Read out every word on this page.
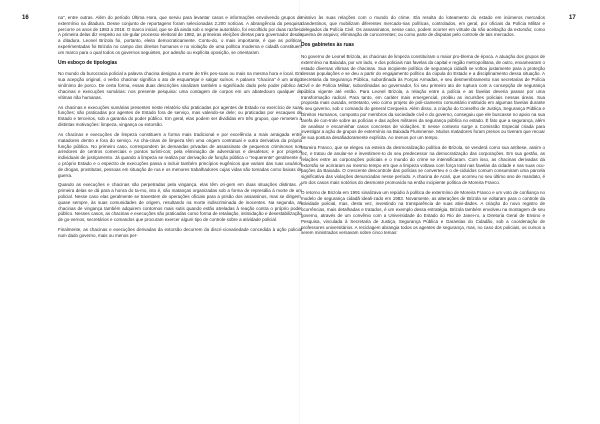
16	17

na", entre outras. Além do período Última Hora, que serviu para levantar casos e informações envolvendo grupos de extermínio na ditadura. Desse conjunto de reportagens foram selecionadas 2.200 notícias. A abrangência da pesquisa percorre os anos de 1983 a 2018. O marco inicial, que se dá ainda sob o regime autoritário, foi escolhido por duas razões. A primeira delas diz respeito ao sin-gular processo eleitoral de 1982, as primeiras eleições diretas para governador desde a ditadura. Leonel Brizola foi, portanto, eleito democraticamente. Contu-do, o mais importante, é que as políticas experimentadas foi Brizola no campo dos direitos humanos e no violação de uma política moderna e cidadã constituem um marco para o qual todos os governos seguintes, por adesão ou explícita oposição, se orientaram.

Um esboço de tipologias

No mundo da burocracia policial a palavra chacina designa a morte de três pes-soas ou mais na mesma hora e local. Em sua acepção original, o verbo chacinar significa o ato de esquartejar e salgar suínos. A palavra "chacina" é um antigo sinônimo de porco. De certa forma, essas duas descrições sinalizam também o significado dado pelo poder público às chacinas e execuções sumárias: nos presente pesquisa: uma contagem de corpos em um abatedouro qualquer de vítimas não humanas.

As chacinas e execuções sumárias presentes neste relatório são praticadas por agentes de Estado no exercício de suas funções; são praticadas por agentes de Estado fora de serviço, mas valendo-se dele; ou praticadas por escaques de Estado e terceiros, sob a garantia do poder público. Em geral, elas podem ser divididas em três grupos, que remetem a distintas motivações: limpeza, vingança ou extorsão.

As chacinas e execuções de limpeza constituem a forma mais tradicional e por excelência a mais arraigada entre matadores dentro e fora do serviço. As cha-cinas de limpeza têm uma origem contratual e outra derivativa da própria função pública. No primeiro caso, correspondem às demandas privadas de assassinato de pequenos criminosos nos arredores de centros comerciais e pontos turísti-cos; pela eliminação de adversários e desafetos; e por projetos individuais de justiçamento. Já quando a limpeza se realiza por derivação de função pública o "requerente" geralmente é o próprio Estado e o espectro de execuções passa a incluir também princípios eugênicos que variam das ruas usuários de drogas, prostitutas, pessoas em situação de rua e os menores trabalhadores cujas vidas são tomadas como baixas de guerra.

Quando as execuções e chacinas são perpetradas pela vingança, elas têm ori-gem em duas situações distintas. A primeira delas se dá para a honra do ta-mo, isto é, são matanças organizadas sob a forma de represália à morte de um policial. Nesse caso elas geralmente se travestem de operações oficiais para a prisão dos assassinos, mas se dirigem, quase sempre, às suas comunidades de origem, resultando na morte indiscriminada de inocentes. Na segunda, as chacinas de vingança também adquirem contornos mais sutis quando estão atreladas à reação contra o próprio poder público. Nesses casos, as chacinas e execuções são praticadas como forma de retaliação, intimidação e desestabilização de go-vernos, secretários e comandos que procuram exercer algum tipo de controle sobre a atividade policial.

Finalmente, as chacinas e execuções derivadas da extorsão decorrem da discri-cionariedade concedida à ação policial num dado governo, mais ou menos per-

missivo às suas relações com o mundo do crime. Ela resulta do loteamento do estado em inúmeros mercados clandestinos, que mobilizam diferentes mercado-rias políticas, controlados, em geral, por oficiais da Polícia Militar e delegados da Polícia Civil. Os assassinatos, nesse caso, podem ocorrer em virtude da não aceitação da extorsão; como queima de arquivo; eliminação de concorrentes; ou como parte de disputas pelo controle de tais mercados.

Dos gabinetes às ruas

No governo de Leonel Brizola, as chacinas de limpeza constituíram o maior pro-blema de época. A atuação dos grupos de extermínio na Baixada, por um lado, e dos policiais nas favelas da capital e região metropolitana, de outro, enxamearam o estado diversas vítimas de chacinas. Sua incipiente política de segurança cidadã se voltou justamente para a proteção dessas populações e se deu a partir do engajamento político da cúpula do Estado e a disciplinamento dessa situação. A Secretaria da Segurança Pública, subordinada às Forças Armadas, e seu desmembramento nas secretarias de Polícia Civil e de Polícia Militar, subordinadas ao governador, foi seu primeiro ato de ruptura com a concepção de segurança pública vigente até então. Para Leonel Brizola, a relação entre a polícia e as favelas deveria passar por uma transformação radical. Para tanto, em caráter mais emergencial, proibiu as incursões policiais nessas áreas. Sua proposta mais ousada, entretanto, veio como projeto de poli-ciamento comunitário instituído em algumas favelas durante o seu governo, sob o comando do general Cerqueira. Além disso, a criação do Conselho de Justiça, Segurança Pública e Direitos Humanos, composto por membros da sociedade civil e do governo, conseguiu que ele buscasse no apoio na sua tarefa de con-trole sobre as polícias e das ações militares da segurança pública no estado. É fato que a segurança, além de analisar e encaminhar casos concretos de violações. E nesse contexto surge a Comissão Especial criada para investigar a ação de grupos de extermínio na Baixada Fluminense. Muitos matadores foram presos ou tiveram que recuar de sua postura desafiadoramente explícita. Ao menos por um tempo.

Moreira Franco, que se elegeu na esteira da desmoralização política de Brizola, se venderá como sua antítese, assim o fez, e tratou de anular-se e investimen-to do seu predecessor na democratização das corporações. Em sua gestão, as relações entre as corporações policiais e o mundo do crime se intensificaram. Com isso, as chacinas derivadas da extorsão se acirraram ao mesmo tempo em que a limpeza voltava com força total nas favelas da cidade e nas suas ocu-pações da Baixada. O crescente descontrole das polícias se converteu e o de-ciduídos comum consumiram uma parcela significativa das violações denunciadas nesse período. A chacina de Acari, que ocorreu no seu último ano de mandato, é um dos casos mais notórios do desmonte promovido na então incipiente política de Moreira Franco.

O retorno de Brizola em 1991 sinalizava um repúdio à política de extermínio de Moreira Franco e um voto de confiança no modelo de segurança cidadã ideali-zado em 1983. Novamente, as alterações de Brizola se voltaram para o controle da atividade policial, mas, desta vez, investindo na transparência de suas ativi-dades. A criação do novo registro de ocorrências, mais detalhadas e tratados, é um exemplo dessa estratégia. Brizola também envolveu na montagem de seu governo, através de um convênio com a Universidade do Estado do Rio de Janei-ro, a Diretoria Geral de Ensino e Pesquisa, vinculada à Secretaria de Justiça, Segurança Pública e Garantias do Cidadão, sob a coordenação de professores universitários. A reciclagem abrangia todos os agentes de segurança, mas, no caso dos policiais, os cursos a serem ministrados versavam sobre cinco temas:
